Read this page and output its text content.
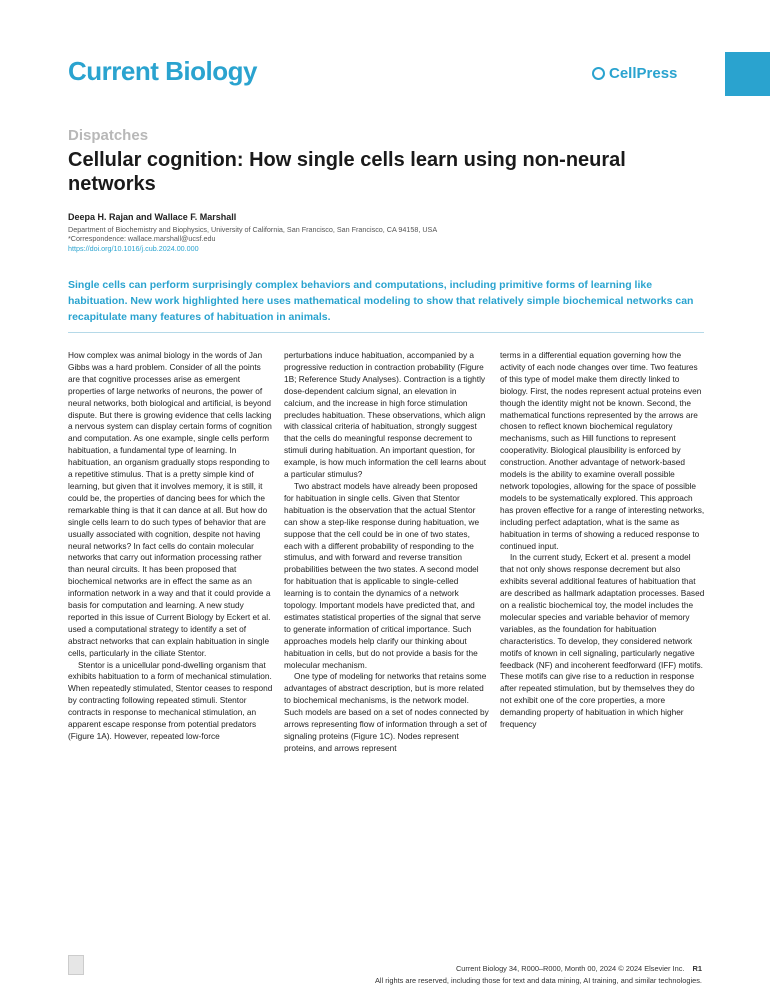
Current Biology	CellPress
Dispatches
Cellular cognition: How single cells learn using non-neural networks
Deepa H. Rajan and Wallace F. Marshall
Department of Biochemistry and Biophysics, University of California, San Francisco, San Francisco, CA 94158, USA
*Correspondence: wallace.marshall@ucsf.edu
https://doi.org/10.1016/j.cub.2024.00.000
Single cells can perform surprisingly complex behaviors and computations, including primitive forms of learning like habituation. New work highlighted here uses mathematical modeling to show that relatively simple biochemical networks can recapitulate many features of habituation in animals.

How complex was animal biology in the words of Jan Gibbs was a hard problem. Consider of all the points are that cognitive processes arise as emergent properties of large networks of neurons, the power of neural networks, both biological and artificial, is beyond dispute. But there is growing evidence that cells lacking a nervous system can display certain forms of cognition and computation. As one example, single cells perform habituation, a fundamental type of learning. In habituation, an organism gradually stops responding to a repetitive stimulus. That is a pretty simple kind of learning, but given that it involves memory, it is still, it could be, the properties of dancing bees for which the remarkable thing is that it can dance at all. But how do single cells learn to do such types of behavior that are usually associated with cognition, despite not having neural networks? In fact cells do contain molecular networks that carry out information processing rather than neural circuits. It has been proposed that biochemical networks are in effect the same as an information network in a way and that it could provide a basis for computation and learning. A new study reported in this issue of Current Biology by Eckert et al. used a computational strategy to identify a set of abstract networks that can explain habituation in single cells, particularly in the ciliate Stentor.

Stentor is a unicellular pond-dwelling organism that exhibits habituation to a form of mechanical stimulation. When repeatedly stimulated, Stentor ceases to respond by contracting following repeated stimuli. Stentor contracts in response to mechanical stimulation, an apparent escape response from potential predators (Figure 1A). However, repeated low-force

perturbations induce habituation, accompanied by a progressive reduction in contraction probability (Figure 1B; Reference Study Analyses). Contraction is a tightly dose-dependent calcium signal, an elevation in calcium, and the increase in high force stimulation precludes habituation. These observations, which align with classical criteria of habituation, strongly suggest that the cells do meaningful response decrement to stimuli during habituation. An important question, for example, is how much information the cell learns about a particular stimulus?

Two abstract models have already been proposed for habituation in single cells. Given that Stentor habituation is the observation that the actual Stentor can show a step-like response during habituation, we suppose that the cell could be in one of two states, each with a different probability of responding to the stimulus, and with forward and reverse transition probabilities between the two states. A second model for habituation that is applicable to single-celled learning is to contain the dynamics of a network topology. Important models have predicted that, and estimates statistical properties of the signal that serve to generate information of critical importance. Such approaches models help clarify our thinking about habituation in cells, but do not provide a basis for the molecular mechanism.

One type of modeling for networks that retains some advantages of abstract description, but is more related to biochemical mechanisms, is the network model. Such models are based on a set of nodes connected by arrows representing flow of information through a set of signaling proteins (Figure 1C). Nodes represent proteins, and arrows represent

terms in a differential equation governing how the activity of each node changes over time. Two features of this type of model make them directly linked to biology. First, the nodes represent actual proteins even though the identity might not be known. Second, the mathematical functions represented by the arrows are chosen to reflect known biochemical regulatory mechanisms, such as Hill functions to represent cooperativity. Biological plausibility is enforced by construction. Another advantage of network-based models is the ability to examine overall possible network topologies, allowing for the space of possible models to be systematically explored. This approach has proven effective for a range of interesting networks, including perfect adaptation, what is the same as habituation in terms of showing a reduced response to continued input.

In the current study, Eckert et al. present a model that not only shows response decrement but also exhibits several additional features of habituation that are described as hallmark adaptation processes. Based on a realistic biochemical toy, the model includes the molecular species and variable behavior of memory variables, as the foundation for habituation characteristics. To develop, they considered network motifs of known in cell signaling, particularly negative feedback (NF) and incoherent feedforward (IFF) motifs. These motifs can give rise to a reduction in response after repeated stimulation, but by themselves they do not exhibit one of the core properties, a more demanding property of habituation in which higher frequency

Current Biology 34, R000–R000, Month 00, 2024 © 2024 Elsevier Inc. R1
All rights are reserved, including those for text and data mining, AI training, and similar technologies.
